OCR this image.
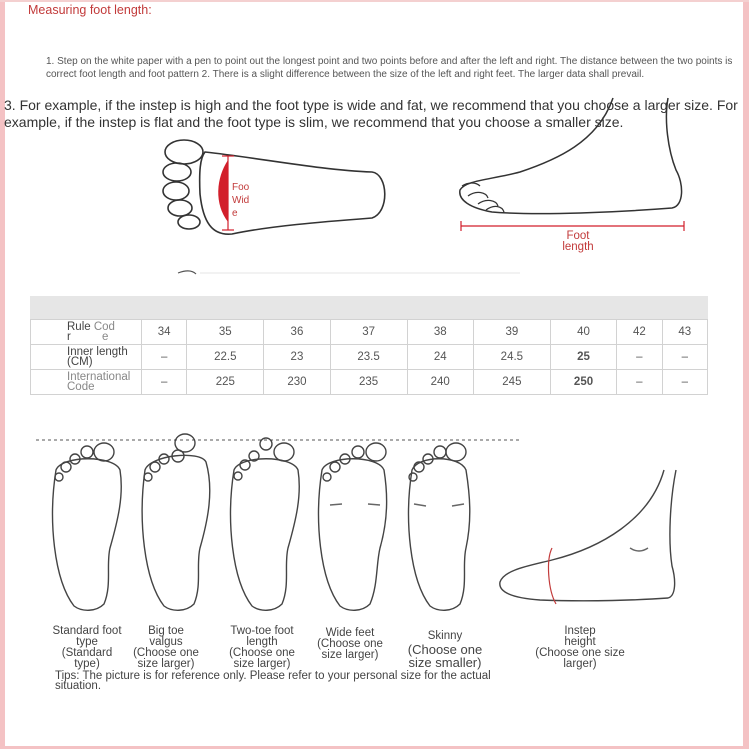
Measuring foot length:
1. Step on the white paper with a pen to point out the longest point and two points before and after the left and right. The distance between the two points is correct foot length and foot pattern 2. There is a slight difference between the size of the left and right feet. The larger data shall prevail.
3. For example, if the instep is high and the foot type is wide and fat, we recommend that you choose a larger size. For example, if the instep is flat and the foot type is slim, we recommend that you choose a smaller size.
Foo
Wid
e
Foot
length
Rule Cod
r e	34	35	36	37	38	39	40	42	43
Inner length
(CM)	–	22.5	23	23.5	24	24.5	25	–	–
International
Code	–	225	230	235	240	245	250	–	–
Standard foot
type
(Standard
type)
Big toe
valgus
(Choose one
size larger)
Two-toe foot
length
(Choose one
size larger)
Wide feet
(Choose one
size larger)
Skinny
(Choose one
size smaller)
Instep
height
(Choose one size
larger)
Tips: The picture is for reference only. Please refer to your personal size for the actual situation.
